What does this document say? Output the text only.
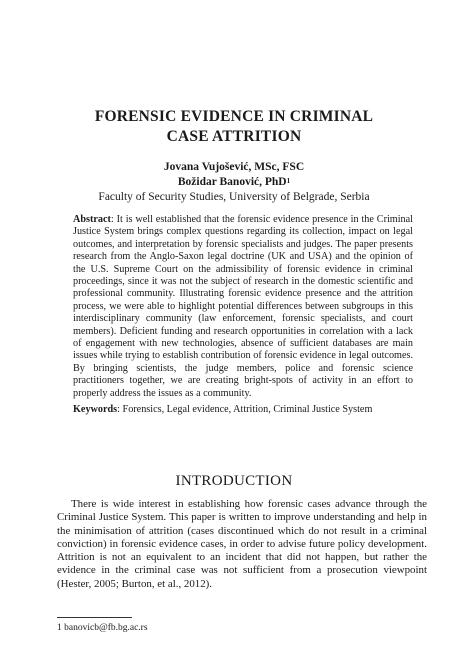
FORENSIC EVIDENCE IN CRIMINAL
CASE ATTRITION
Jovana Vujošević, MSc, FSC
Božidar Banović, PhD$^1$
Faculty of Security Studies, University of Belgrade, Serbia

Abstract: It is well established that the forensic evidence presence in the Criminal Justice System brings complex questions regarding its collection, impact on legal outcomes, and interpretation by forensic specialists and judges. The paper presents research from the Anglo-Saxon legal doctrine (UK and USA) and the opinion of the U.S. Supreme Court on the admissibility of forensic evidence in criminal proceedings, since it was not the subject of research in the domestic scientific and professional community. Illustrating forensic evidence presence and the attrition process, we were able to highlight potential differences between subgroups in this interdisciplinary community (law enforcement, forensic specialists, and court members). Deficient funding and research opportunities in correlation with a lack of engagement with new technologies, absence of sufficient databases are main issues while trying to establish contribution of forensic evidence in legal outcomes. By bringing scientists, the judge members, police and forensic science practitioners together, we are creating bright-spots of activity in an effort to properly address the issues as a community.

Keywords: Forensics, Legal evidence, Attrition, Criminal Justice System

INTRODUCTION

There is wide interest in establishing how forensic cases advance through the Criminal Justice System. This paper is written to improve understanding and help in the minimisation of attrition (cases discontinued which do not result in a criminal conviction) in forensic evidence cases, in order to advise future policy development. Attrition is not an equivalent to an incident that did not happen, but rather the evidence in the criminal case was not sufficient from a prosecution viewpoint (Hester, 2005; Burton, et al., 2012).

1 banovicb@fb.bg.ac.rs
